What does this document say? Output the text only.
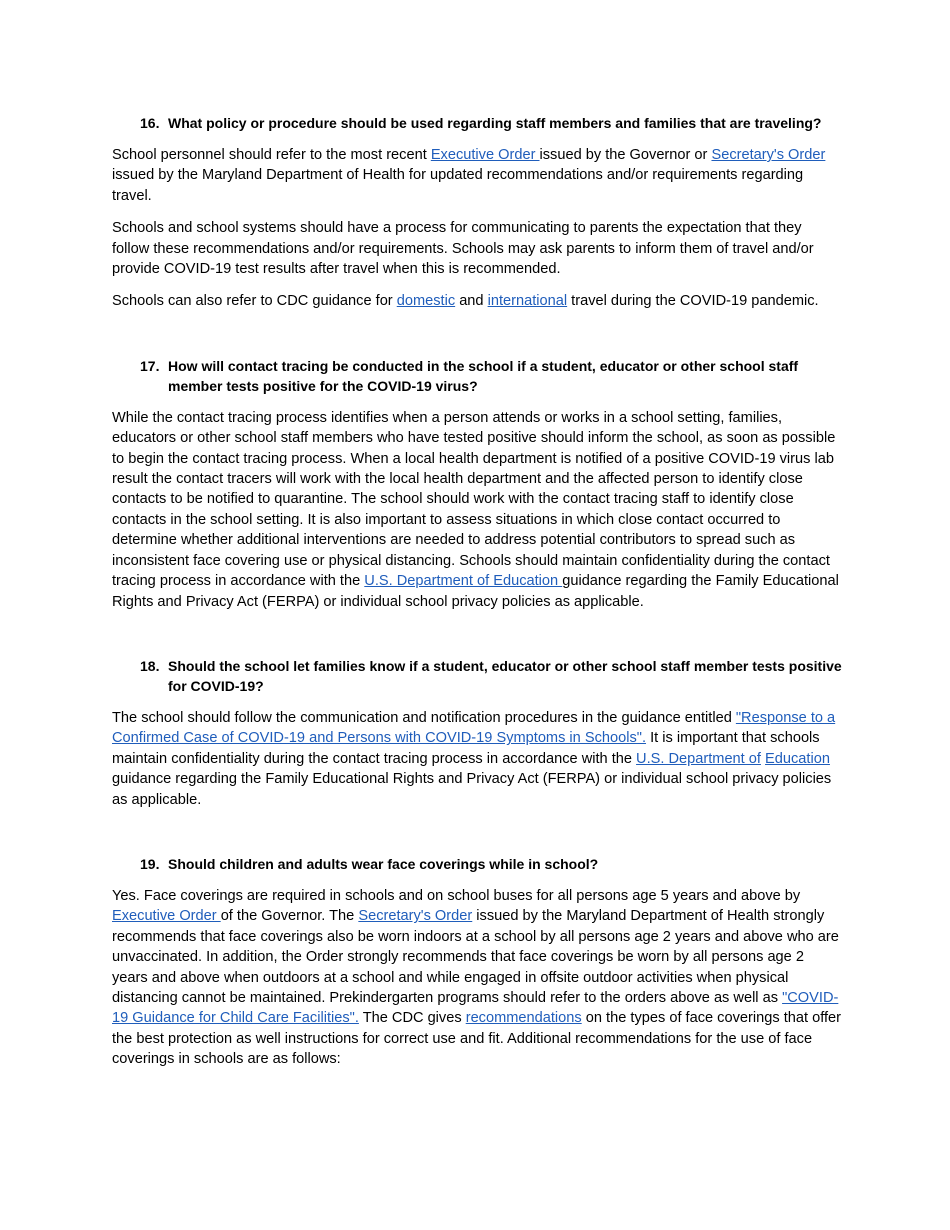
16. What policy or procedure should be used regarding staff members and families that are traveling?

School personnel should refer to the most recent Executive Order issued by the Governor or Secretary's Order issued by the Maryland Department of Health for updated recommendations and/or requirements regarding travel.

Schools and school systems should have a process for communicating to parents the expectation that they follow these recommendations and/or requirements. Schools may ask parents to inform them of travel and/or provide COVID-19 test results after travel when this is recommended.

Schools can also refer to CDC guidance for domestic and international travel during the COVID-19 pandemic.

17. How will contact tracing be conducted in the school if a student, educator or other school staff member tests positive for the COVID-19 virus?

While the contact tracing process identifies when a person attends or works in a school setting, families, educators or other school staff members who have tested positive should inform the school, as soon as possible to begin the contact tracing process. When a local health department is notified of a positive COVID-19 virus lab result the contact tracers will work with the local health department and the affected person to identify close contacts to be notified to quarantine. The school should work with the contact tracing staff to identify close contacts in the school setting. It is also important to assess situations in which close contact occurred to determine whether additional interventions are needed to address potential contributors to spread such as inconsistent face covering use or physical distancing. Schools should maintain confidentiality during the contact tracing process in accordance with the U.S. Department of Education guidance regarding the Family Educational Rights and Privacy Act (FERPA) or individual school privacy policies as applicable.

18. Should the school let families know if a student, educator or other school staff member tests positive for COVID-19?

The school should follow the communication and notification procedures in the guidance entitled "Response to a Confirmed Case of COVID-19 and Persons with COVID-19 Symptoms in Schools". It is important that schools maintain confidentiality during the contact tracing process in accordance with the U.S. Department of Education guidance regarding the Family Educational Rights and Privacy Act (FERPA) or individual school privacy policies as applicable.

19. Should children and adults wear face coverings while in school?

Yes. Face coverings are required in schools and on school buses for all persons age 5 years and above by Executive Order of the Governor. The Secretary's Order issued by the Maryland Department of Health strongly recommends that face coverings also be worn indoors at a school by all persons age 2 years and above who are unvaccinated. In addition, the Order strongly recommends that face coverings be worn by all persons age 2 years and above when outdoors at a school and while engaged in offsite outdoor activities when physical distancing cannot be maintained. Prekindergarten programs should refer to the orders above as well as "COVID-19 Guidance for Child Care Facilities". The CDC gives recommendations on the types of face coverings that offer the best protection as well instructions for correct use and fit. Additional recommendations for the use of face coverings in schools are as follows:
